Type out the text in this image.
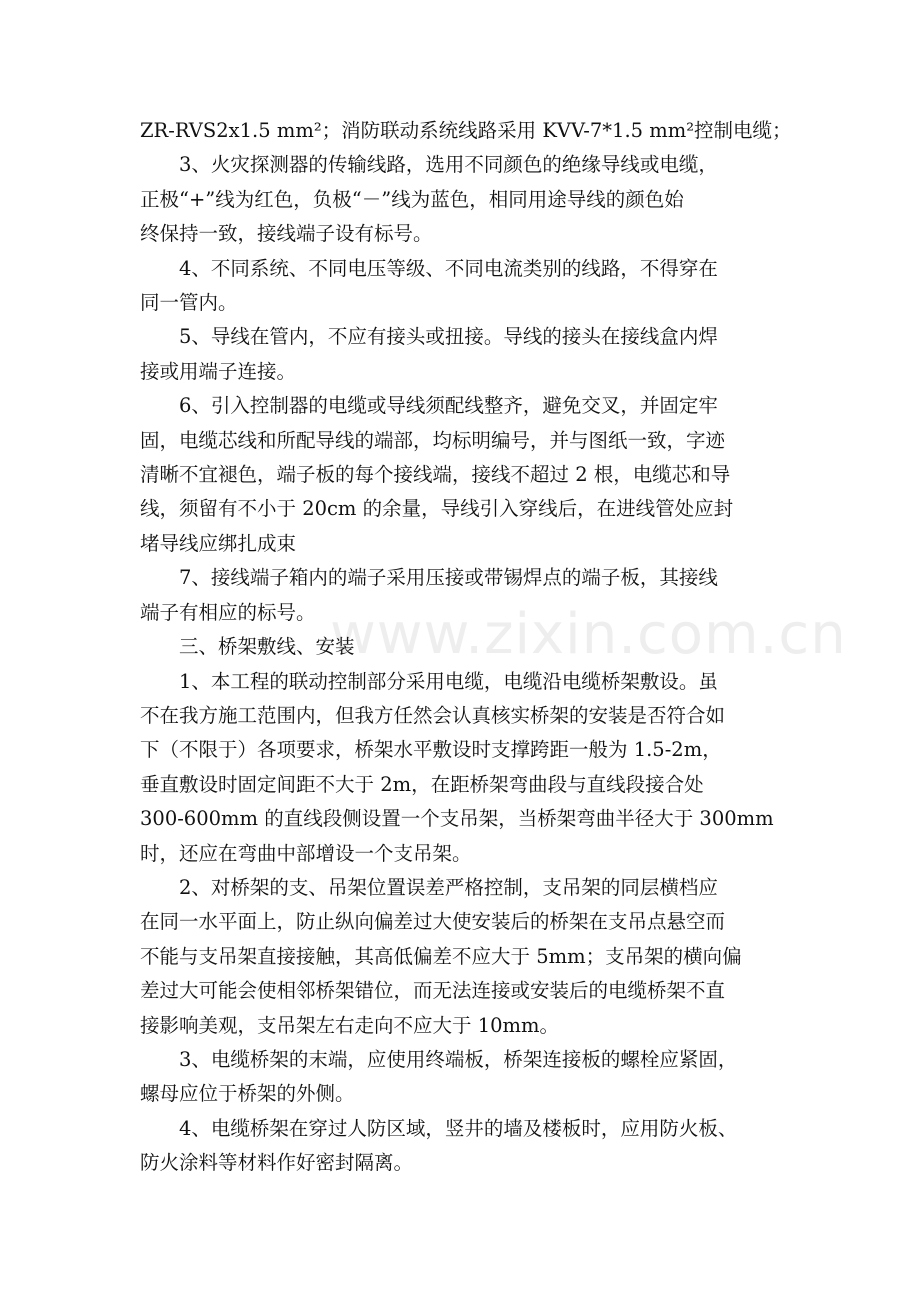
www.zixin.com.cn

ZR-RVS2x1.5 mm²；消防联动系统线路采用 KVV-7*1.5 mm²控制电缆；

3、火灾探测器的传输线路，选用不同颜色的绝缘导线或电缆，
正极“+”线为红色，负极“－”线为蓝色，相同用途导线的颜色始
终保持一致，接线端子设有标号。

4、不同系统、不同电压等级、不同电流类别的线路，不得穿在
同一管内。

5、导线在管内，不应有接头或扭接。导线的接头在接线盒内焊
接或用端子连接。

6、引入控制器的电缆或导线须配线整齐，避免交叉，并固定牢
固，电缆芯线和所配导线的端部，均标明编号，并与图纸一致，字迹
清晰不宜褪色，端子板的每个接线端，接线不超过 2 根，电缆芯和导
线，须留有不小于 20cm 的余量，导线引入穿线后，在进线管处应封
堵导线应绑扎成束

7、接线端子箱内的端子采用压接或带锡焊点的端子板，其接线
端子有相应的标号。

三、桥架敷线、安装

1、本工程的联动控制部分采用电缆，电缆沿电缆桥架敷设。虽
不在我方施工范围内，但我方任然会认真核实桥架的安装是否符合如
下（不限于）各项要求，桥架水平敷设时支撑跨距一般为 1.5-2m，
垂直敷设时固定间距不大于 2m，在距桥架弯曲段与直线段接合处
300-600mm 的直线段侧设置一个支吊架，当桥架弯曲半径大于 300mm
时，还应在弯曲中部增设一个支吊架。

2、对桥架的支、吊架位置误差严格控制，支吊架的同层横档应
在同一水平面上，防止纵向偏差过大使安装后的桥架在支吊点悬空而
不能与支吊架直接接触，其高低偏差不应大于 5mm；支吊架的横向偏
差过大可能会使相邻桥架错位，而无法连接或安装后的电缆桥架不直
接影响美观，支吊架左右走向不应大于 10mm。

3、电缆桥架的末端，应使用终端板，桥架连接板的螺栓应紧固，
螺母应位于桥架的外侧。

4、电缆桥架在穿过人防区域，竖井的墙及楼板时，应用防火板、
防火涂料等材料作好密封隔离。
